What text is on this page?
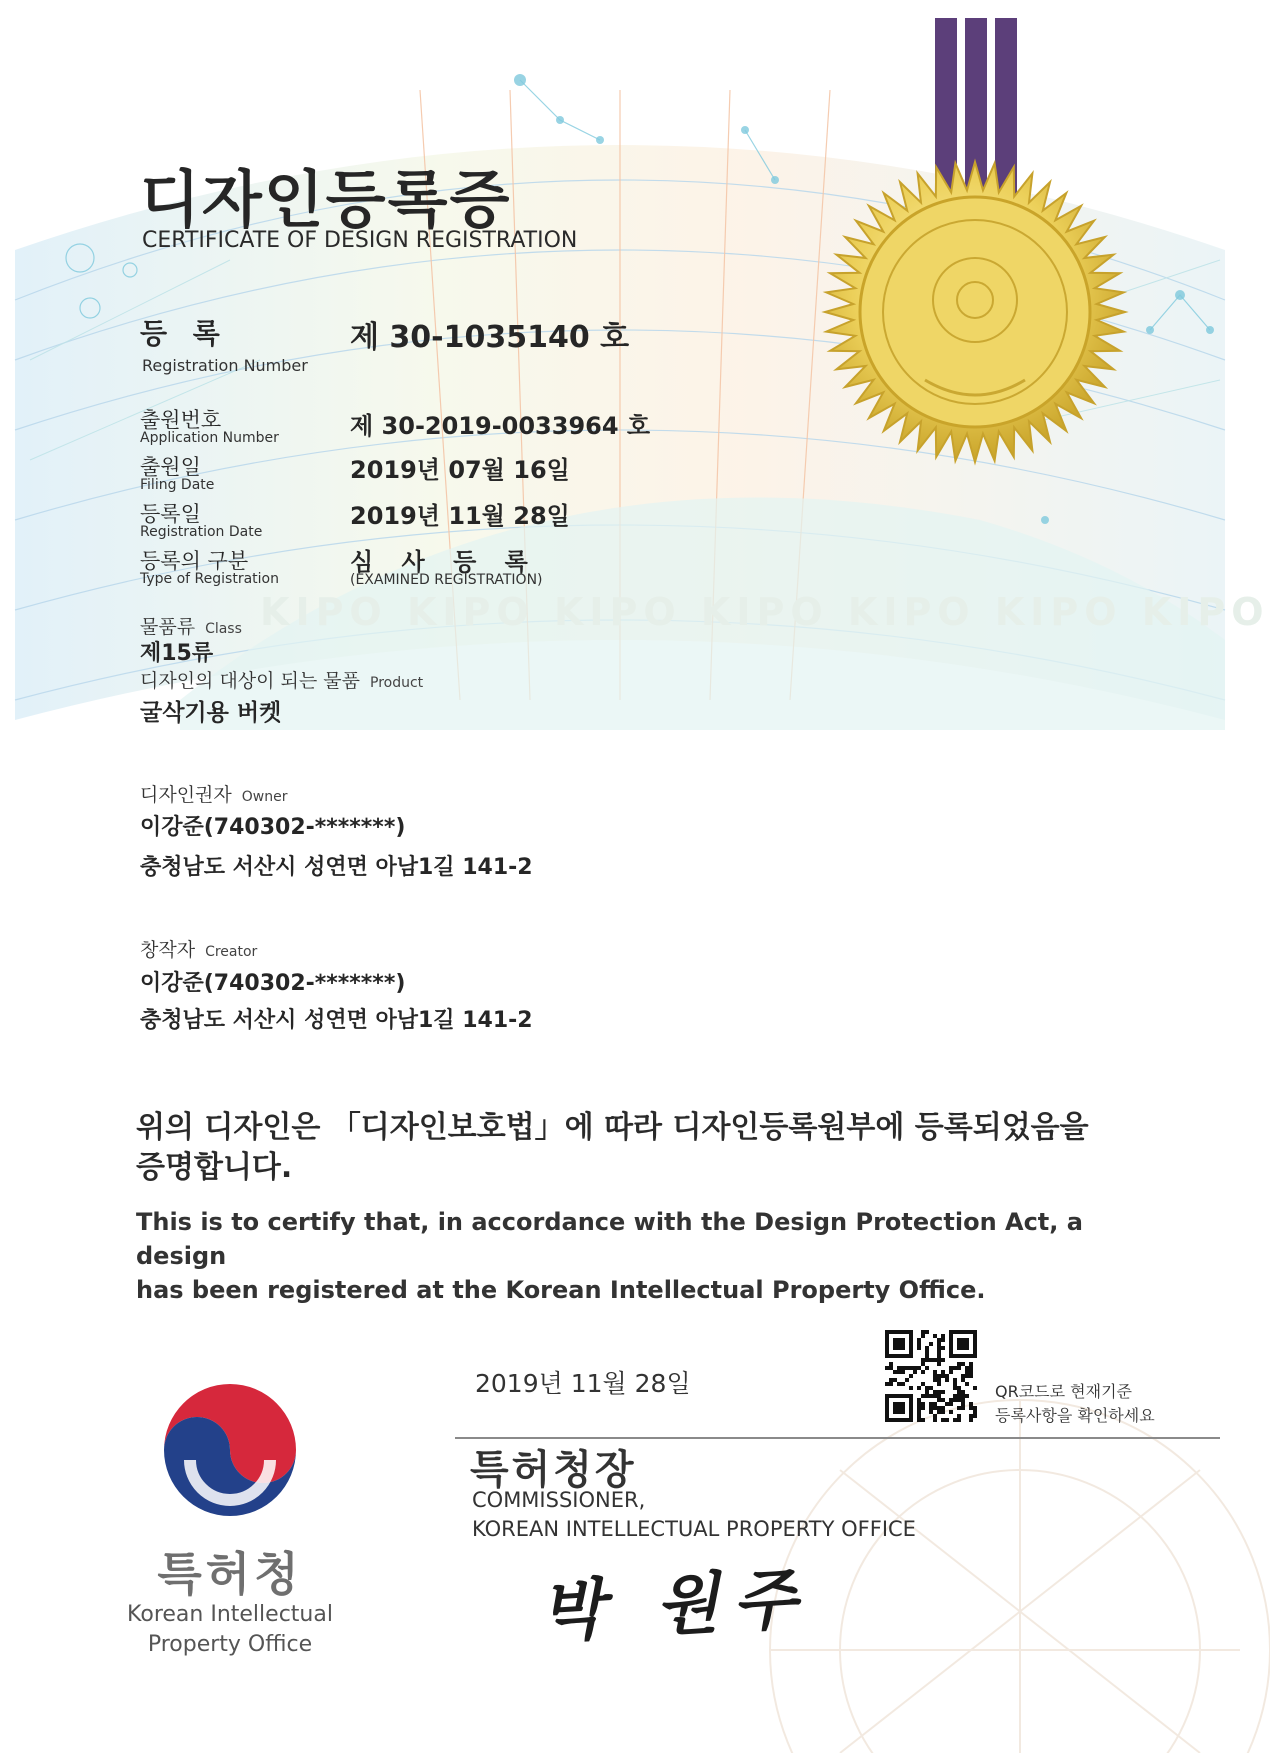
디자인등록증
CERTIFICATE OF DESIGN REGISTRATION
등 록
Registration Number
제 30-1035140 호
출원번호
Application Number	제 30-2019-0033964 호
출원일
Filing Date
2019년 07월 16일
등록일
Registration Date
2019년 11월 28일
등록의 구분
Type of Registration
심 사 등 록
(EXAMINED REGISTRATION)
KIPO KIPO KIPO KIPO KIPO KIPO KIPO
물품류 Class
제15류
디자인의 대상이 되는 물품 Product
굴삭기용 버켓
디자인권자 Owner
이강준(740302-*******)
충청남도 서산시 성연면 아남1길 141-2
창작자 Creator
이강준(740302-*******)
충청남도 서산시 성연면 아남1길 141-2
위의 디자인은 「디자인보호법」에 따라 디자인등록원부에 등록되었음을
증명합니다.
This is to certify that, in accordance with the Design Protection Act, a design
has been registered at the Korean Intellectual Property Office.
2019년 11월 28일
특허청장
COMMISSIONER,
KOREAN INTELLECTUAL PROPERTY OFFICE
박 원주
QR코드로 현재기준
등록사항을 확인하세요
특허청
Korean Intellectual
Property Office
